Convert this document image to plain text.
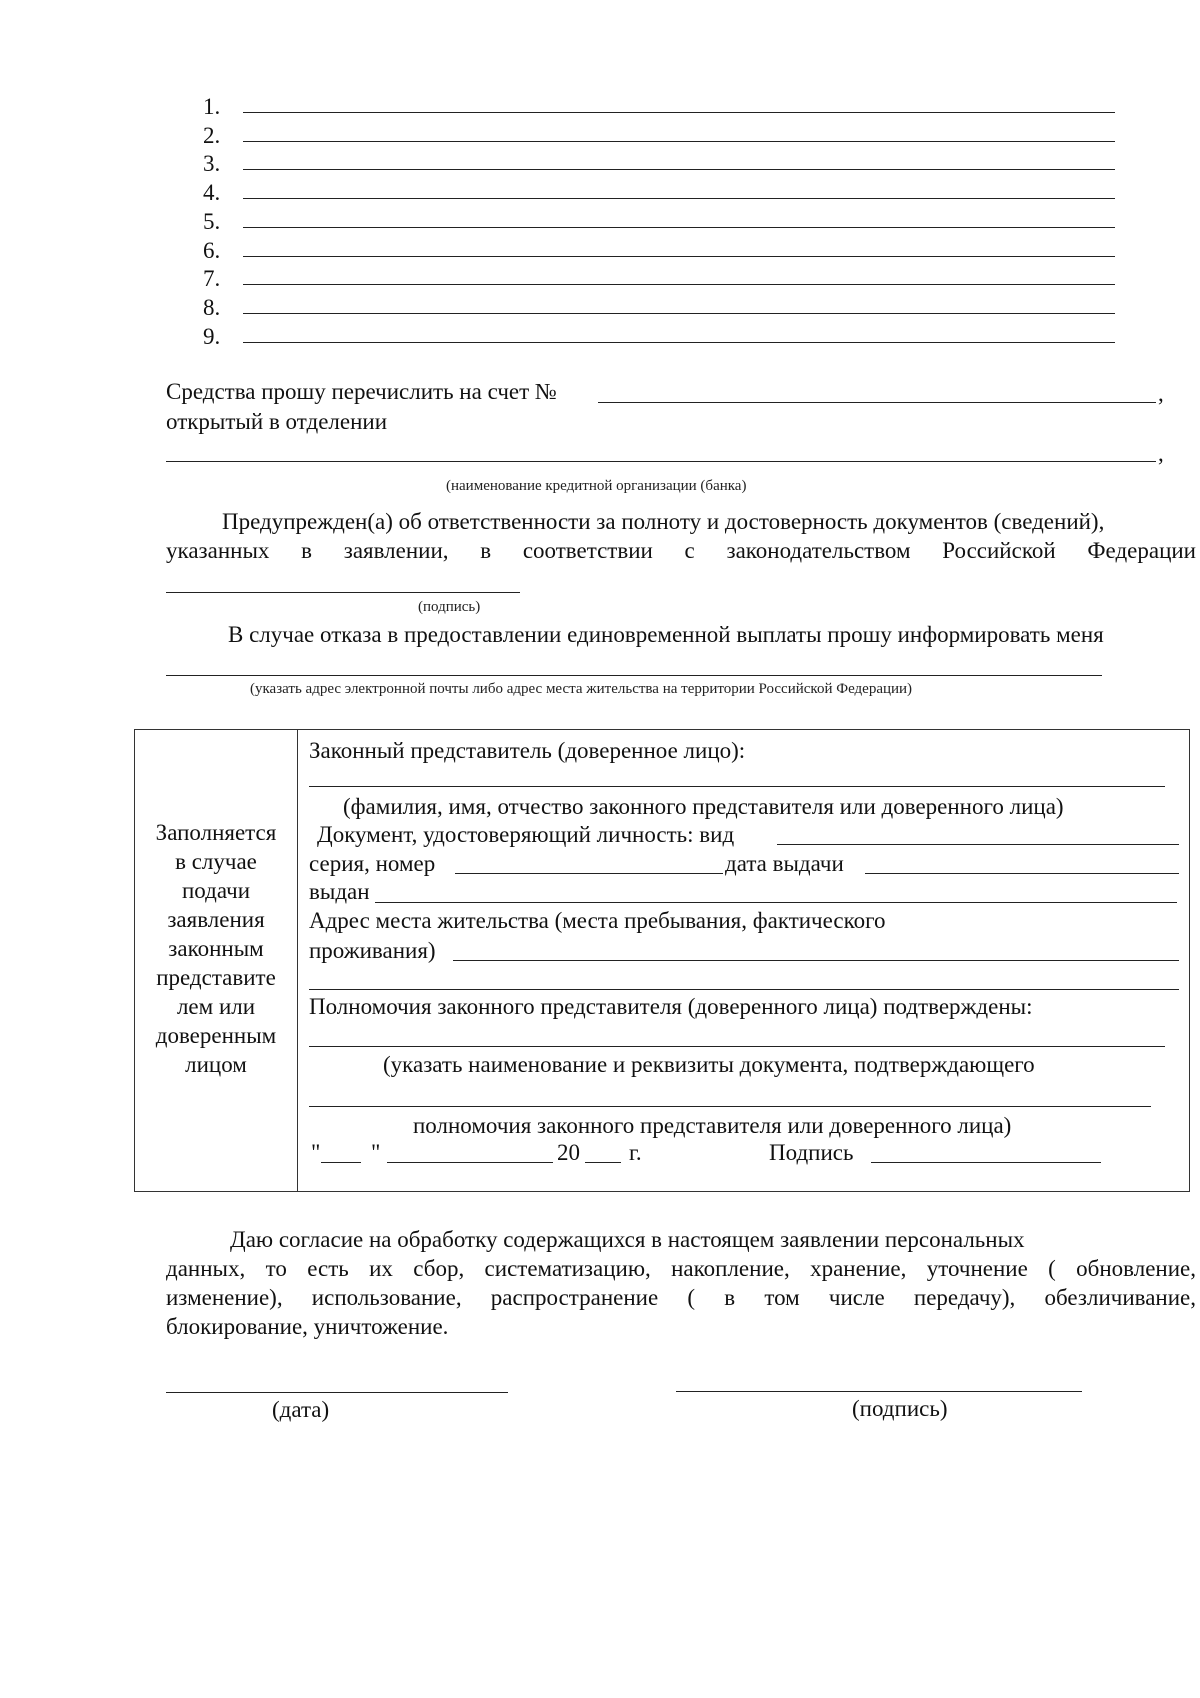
1.
2.
3.
4.
5.
6.
7.
8.
9.
Средства прошу перечислить на счет №	,
открытый в отделении
,
(наименование кредитной организации (банка)
Предупрежден(а) об ответственности за полноту и достоверность документов (сведений),
указанных в заявлении, в соответствии с законодательством Российской Федерации
(подпись)
В случае отказа в предоставлении единовременной выплаты прошу информировать меня
(указать адрес электронной почты либо адрес места жительства на территории Российской Федерации)
Заполняется
в случае
подачи
заявления
законным
представите
лем или
доверенным
лицом
Законный представитель (доверенное лицо):
(фамилия, имя, отчество законного представителя или доверенного лица)
Документ, удостоверяющий личность: вид
серия, номер	дата выдачи
выдан
Адрес места жительства (места пребывания, фактического
проживания)
Полномочия законного представителя (доверенного лица) подтверждены:
(указать наименование и реквизиты документа, подтверждающего
полномочия законного представителя или доверенного лица)
" "	20 г.	Подпись
Даю согласие на обработку содержащихся в настоящем заявлении персональных
данных, то есть их сбор, систематизацию, накопление, хранение, уточнение ( обновление,
изменение), использование, распространение ( в том числе передачу), обезличивание,
блокирование, уничтожение.
(дата)	(подпись)
